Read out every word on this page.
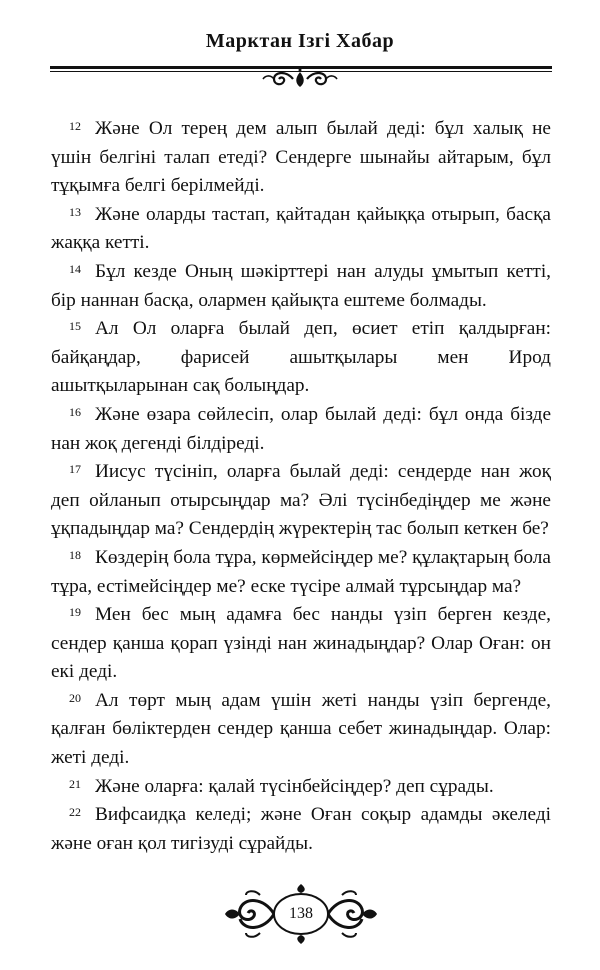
Марктан Ізгі Хабар

$^{12}$ Және Ол терең дем алып былай деді: бұл халық не үшін белгіні талап етеді? Сендерге шынайы айтарым, бұл тұқымға белгі берілмейді.

$^{13}$ Және оларды тастап, қайтадан қайыққа отырып, басқа жаққа кетті.

$^{14}$ Бұл кезде Оның шәкірттері нан алуды ұмытып кетті, бір наннан басқа, олармен қайықта ештеме болмады.

$^{15}$ Ал Ол оларға былай деп, өсиет етіп қалдырған: байқаңдар, фарисей ашытқылары мен Ирод ашытқыларынан сақ болыңдар.

$^{16}$ Және өзара сөйлесіп, олар былай деді: бұл онда бізде нан жоқ дегенді білдіреді.

$^{17}$ Иисус түсініп, оларға былай деді: сендерде нан жоқ деп ойланып отырсыңдар ма? Әлі түсінбедіңдер ме және ұқпадыңдар ма? Сендердің жүректерің тас болып кеткен бе?

$^{18}$ Көздерің бола тұра, көрмейсіңдер ме? құлақтарың бола тұра, естімейсіңдер ме? еске түсіре алмай тұрсыңдар ма?

$^{19}$ Мен бес мың адамға бес нанды үзіп берген кезде, сендер қанша қорап үзінді нан жинадыңдар? Олар Оған: он екі деді.

$^{20}$ Ал төрт мың адам үшін жеті нанды үзіп бергенде, қалған бөліктерден сендер қанша себет жинадыңдар. Олар: жеті деді.

$^{21}$ Және оларға: қалай түсінбейсіңдер? деп сұрады.

$^{22}$ Вифсаидқа келеді; және Оған соқыр адамды әкеледі және оған қол тигізуді сұрайды.

138
